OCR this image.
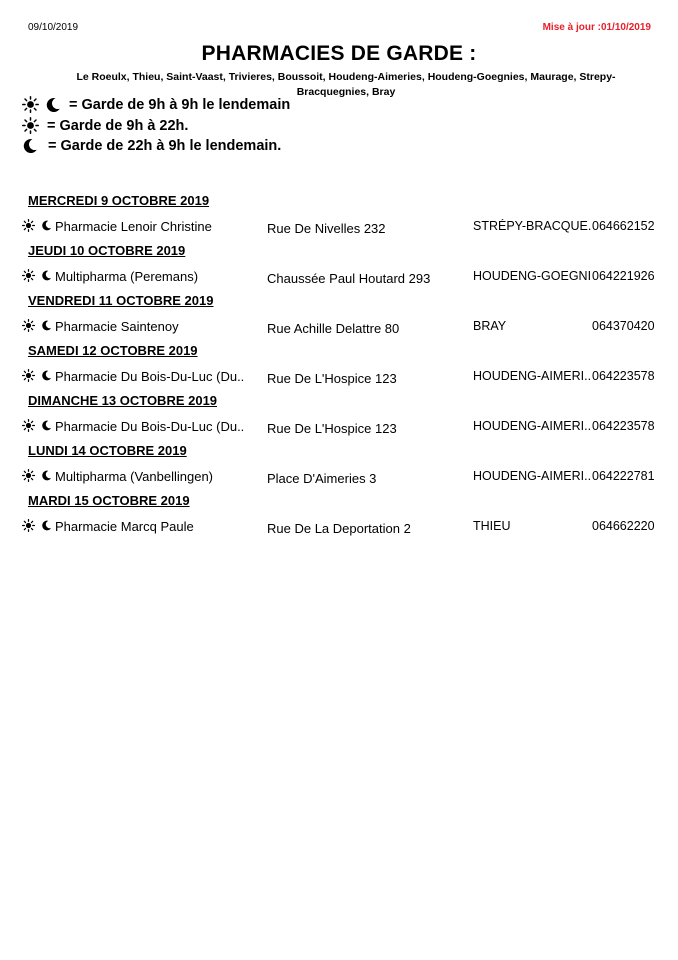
09/10/2019	Mise à jour :01/10/2019
PHARMACIES DE GARDE :
Le Roeulx, Thieu, Saint-Vaast, Trivieres, Boussoit, Houdeng-Aimeries, Houdeng-Goegnies, Maurage, Strepy-Bracquegnies, Bray
= Garde de 9h à 9h le lendemain
= Garde de 9h à 22h.
= Garde de 22h à 9h le lendemain.
MERCREDI 9 OCTOBRE 2019
Pharmacie Lenoir Christine	Rue De Nivelles 232	STRÉPY-BRACQUE. 064662152
JEUDI 10 OCTOBRE 2019
Multipharma (Peremans)	Chaussée Paul Houtard 293	HOUDENG-GOEGNI 064221926
VENDREDI 11 OCTOBRE 2019
Pharmacie Saintenoy	Rue Achille Delattre 80	BRAY	064370420
SAMEDI 12 OCTOBRE 2019
Pharmacie Du Bois-Du-Luc (Du..	Rue De L'Hospice 123	HOUDENG-AIMERI.. 064223578
DIMANCHE 13 OCTOBRE 2019
Pharmacie Du Bois-Du-Luc (Du..	Rue De L'Hospice 123	HOUDENG-AIMERI.. 064223578
LUNDI 14 OCTOBRE 2019
Multipharma (Vanbellingen)	Place D'Aimeries 3	HOUDENG-AIMERI.. 064222781
MARDI 15 OCTOBRE 2019
Pharmacie Marcq Paule	Rue De La Deportation 2	THIEU	064662220
